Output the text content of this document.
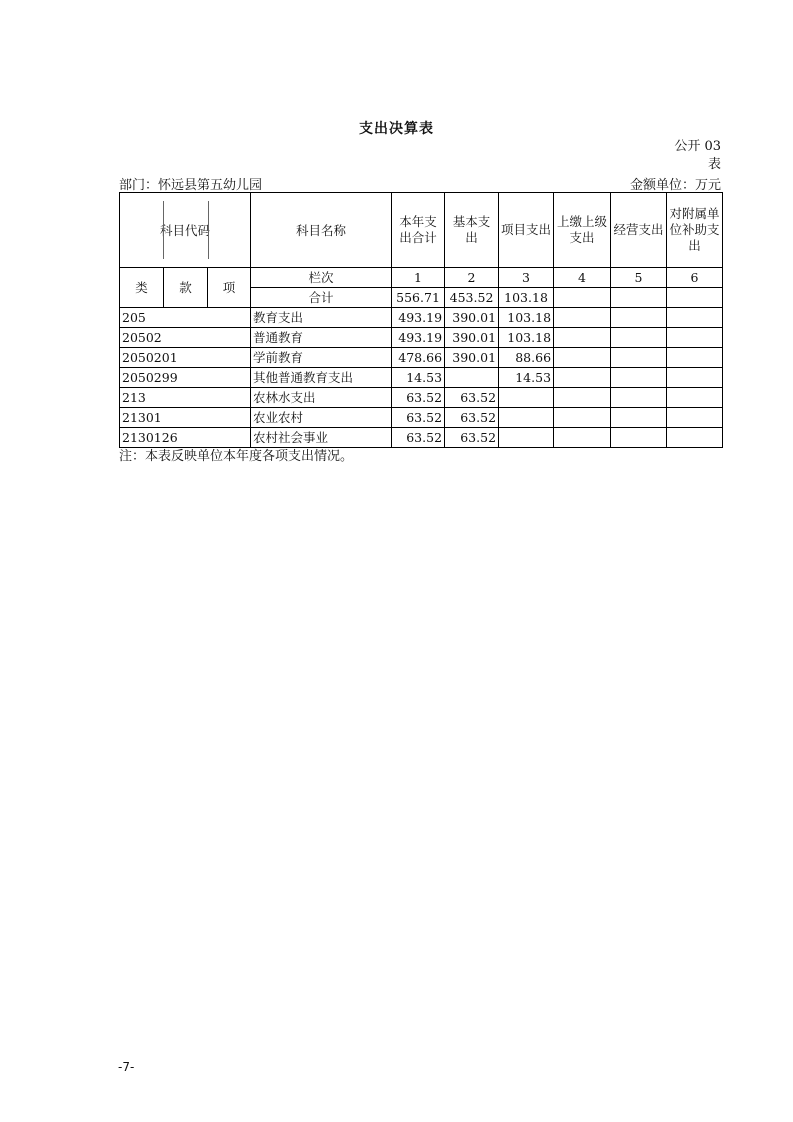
支出决算表
公开 03
表
部门：怀远县第五幼儿园	金额单位：万元
科目代码			科目名称	本年支出合计	基本支出	项目支出	上缴上级支出	经营支出	对附属单位补助支出
类	款	项	栏次	1	2	3	4	5	6
			合计	556.71	453.52	103.18			
205			教育支出	493.19	390.01	103.18			
20502			普通教育	493.19	390.01	103.18			
2050201			学前教育	478.66	390.01	88.66			
2050299			其他普通教育支出	14.53		14.53			
213			农林水支出	63.52	63.52				
21301			农业农村	63.52	63.52				
2130126			农村社会事业	63.52	63.52				
注：本表反映单位本年度各项支出情况。
-7-
